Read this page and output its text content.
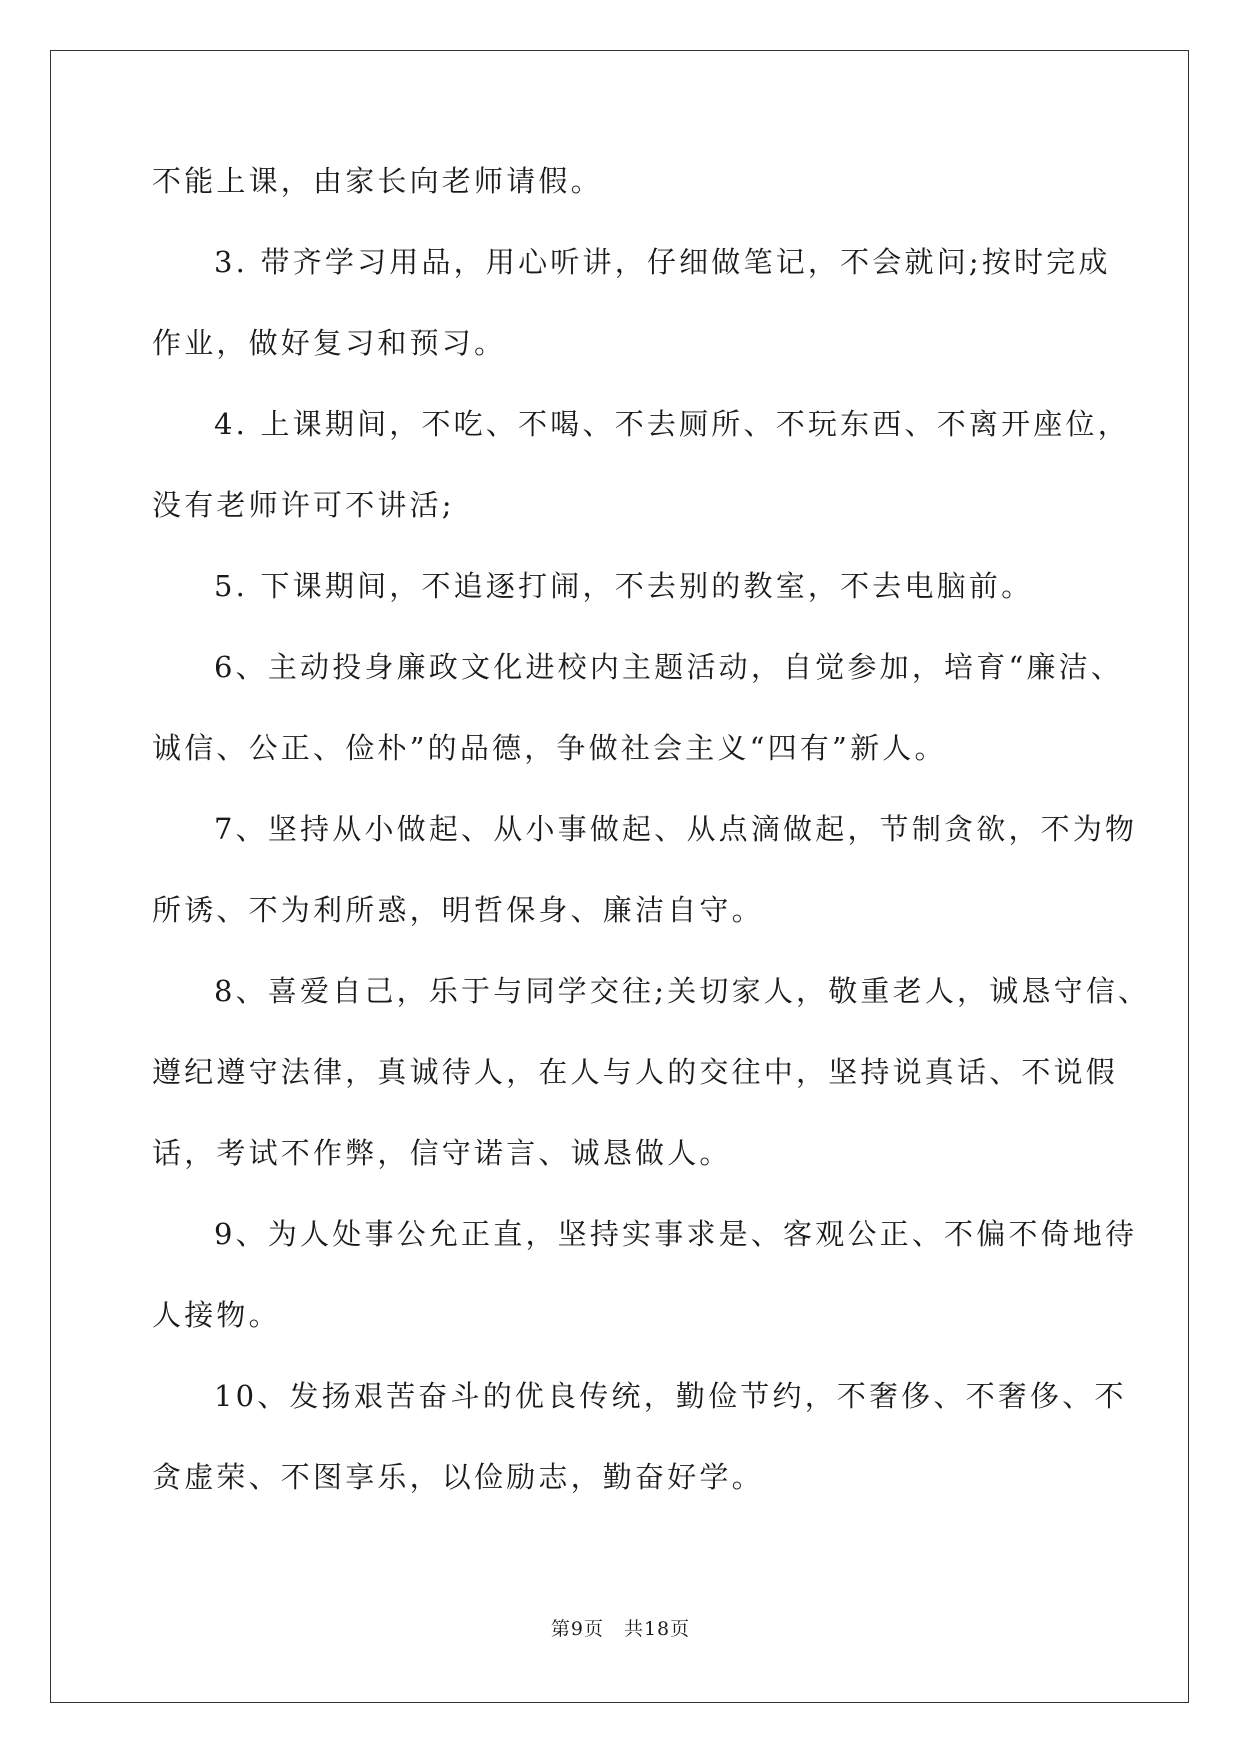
不能上课，由家长向老师请假。

3. 带齐学习用品，用心听讲，仔细做笔记，不会就问;按时完成

作业，做好复习和预习。

4. 上课期间，不吃、不喝、不去厕所、不玩东西、不离开座位，

没有老师许可不讲活;

5. 下课期间，不追逐打闹，不去别的教室，不去电脑前。

6、主动投身廉政文化进校内主题活动，自觉参加，培育“廉洁、

诚信、公正、俭朴”的品德，争做社会主义“四有”新人。

7、坚持从小做起、从小事做起、从点滴做起，节制贪欲，不为物

所诱、不为利所惑，明哲保身、廉洁自守。

8、喜爱自己，乐于与同学交往;关切家人，敬重老人，诚恳守信、

遵纪遵守法律，真诚待人，在人与人的交往中，坚持说真话、不说假

话，考试不作弊，信守诺言、诚恳做人。

9、为人处事公允正直，坚持实事求是、客观公正、不偏不倚地待

人接物。

10、发扬艰苦奋斗的优良传统，勤俭节约，不奢侈、不奢侈、不

贪虚荣、不图享乐，以俭励志，勤奋好学。

第9页 共18页
